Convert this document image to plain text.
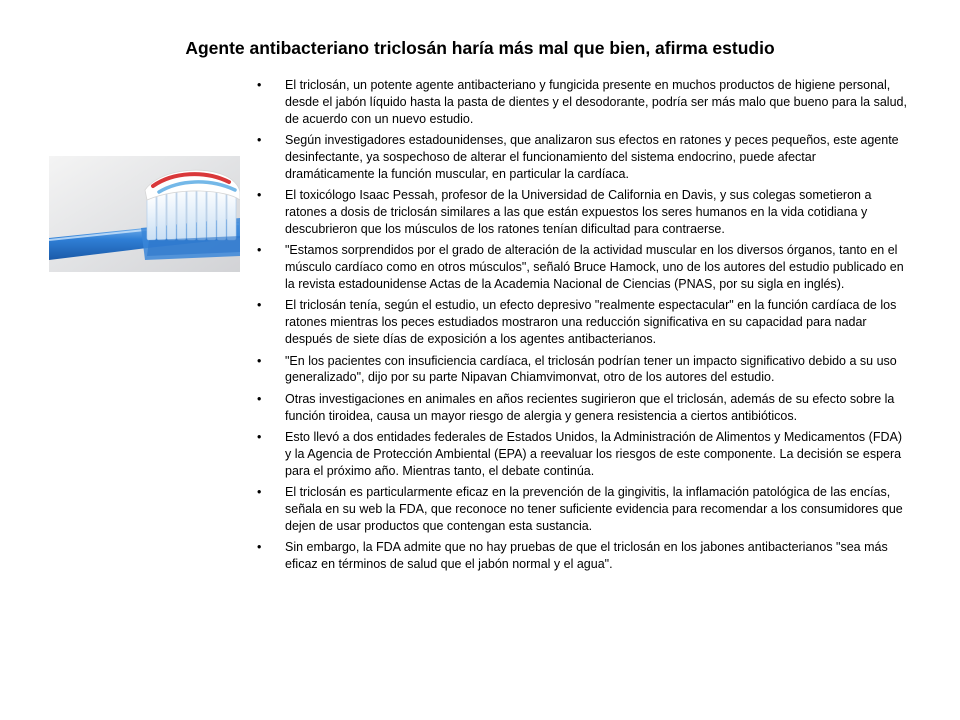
Agente antibacteriano triclosán haría más mal que bien, afirma estudio
• El triclosán, un potente agente antibacteriano y fungicida presente en muchos productos de higiene personal, desde el jabón líquido hasta la pasta de dientes y el desodorante, podría ser más malo que bueno para la salud, de acuerdo con un nuevo estudio.
• Según investigadores estadounidenses, que analizaron sus efectos en ratones y peces pequeños, este agente desinfectante, ya sospechoso de alterar el funcionamiento del sistema endocrino, puede afectar dramáticamente la función muscular, en particular la cardíaca.
• El toxicólogo Isaac Pessah, profesor de la Universidad de California en Davis, y sus colegas sometieron a ratones a dosis de triclosán similares a las que están expuestos los seres humanos en la vida cotidiana y descubrieron que los músculos de los ratones tenían dificultad para contraerse.
• "Estamos sorprendidos por el grado de alteración de la actividad muscular en los diversos órganos, tanto en el músculo cardíaco como en otros músculos", señaló Bruce Hamock, uno de los autores del estudio publicado en la revista estadounidense Actas de la Academia Nacional de Ciencias (PNAS, por su sigla en inglés).
• El triclosán tenía, según el estudio, un efecto depresivo "realmente espectacular" en la función cardíaca de los ratones mientras los peces estudiados mostraron una reducción significativa en su capacidad para nadar después de siete días de exposición a los agentes antibacterianos.
• "En los pacientes con insuficiencia cardíaca, el triclosán podrían tener un impacto significativo debido a su uso generalizado", dijo por su parte Nipavan Chiamvimonvat, otro de los autores del estudio.
• Otras investigaciones en animales en años recientes sugirieron que el triclosán, además de su efecto sobre la función tiroidea, causa un mayor riesgo de alergia y genera resistencia a ciertos antibióticos.
• Esto llevó a dos entidades federales de Estados Unidos, la Administración de Alimentos y Medicamentos (FDA) y la Agencia de Protección Ambiental (EPA) a reevaluar los riesgos de este componente. La decisión se espera para el próximo año. Mientras tanto, el debate continúa.
• El triclosán es particularmente eficaz en la prevención de la gingivitis, la inflamación patológica de las encías, señala en su web la FDA, que reconoce no tener suficiente evidencia para recomendar a los consumidores que dejen de usar productos que contengan esta sustancia.
• Sin embargo, la FDA admite que no hay pruebas de que el triclosán en los jabones antibacterianos "sea más eficaz en términos de salud que el jabón normal y el agua".
